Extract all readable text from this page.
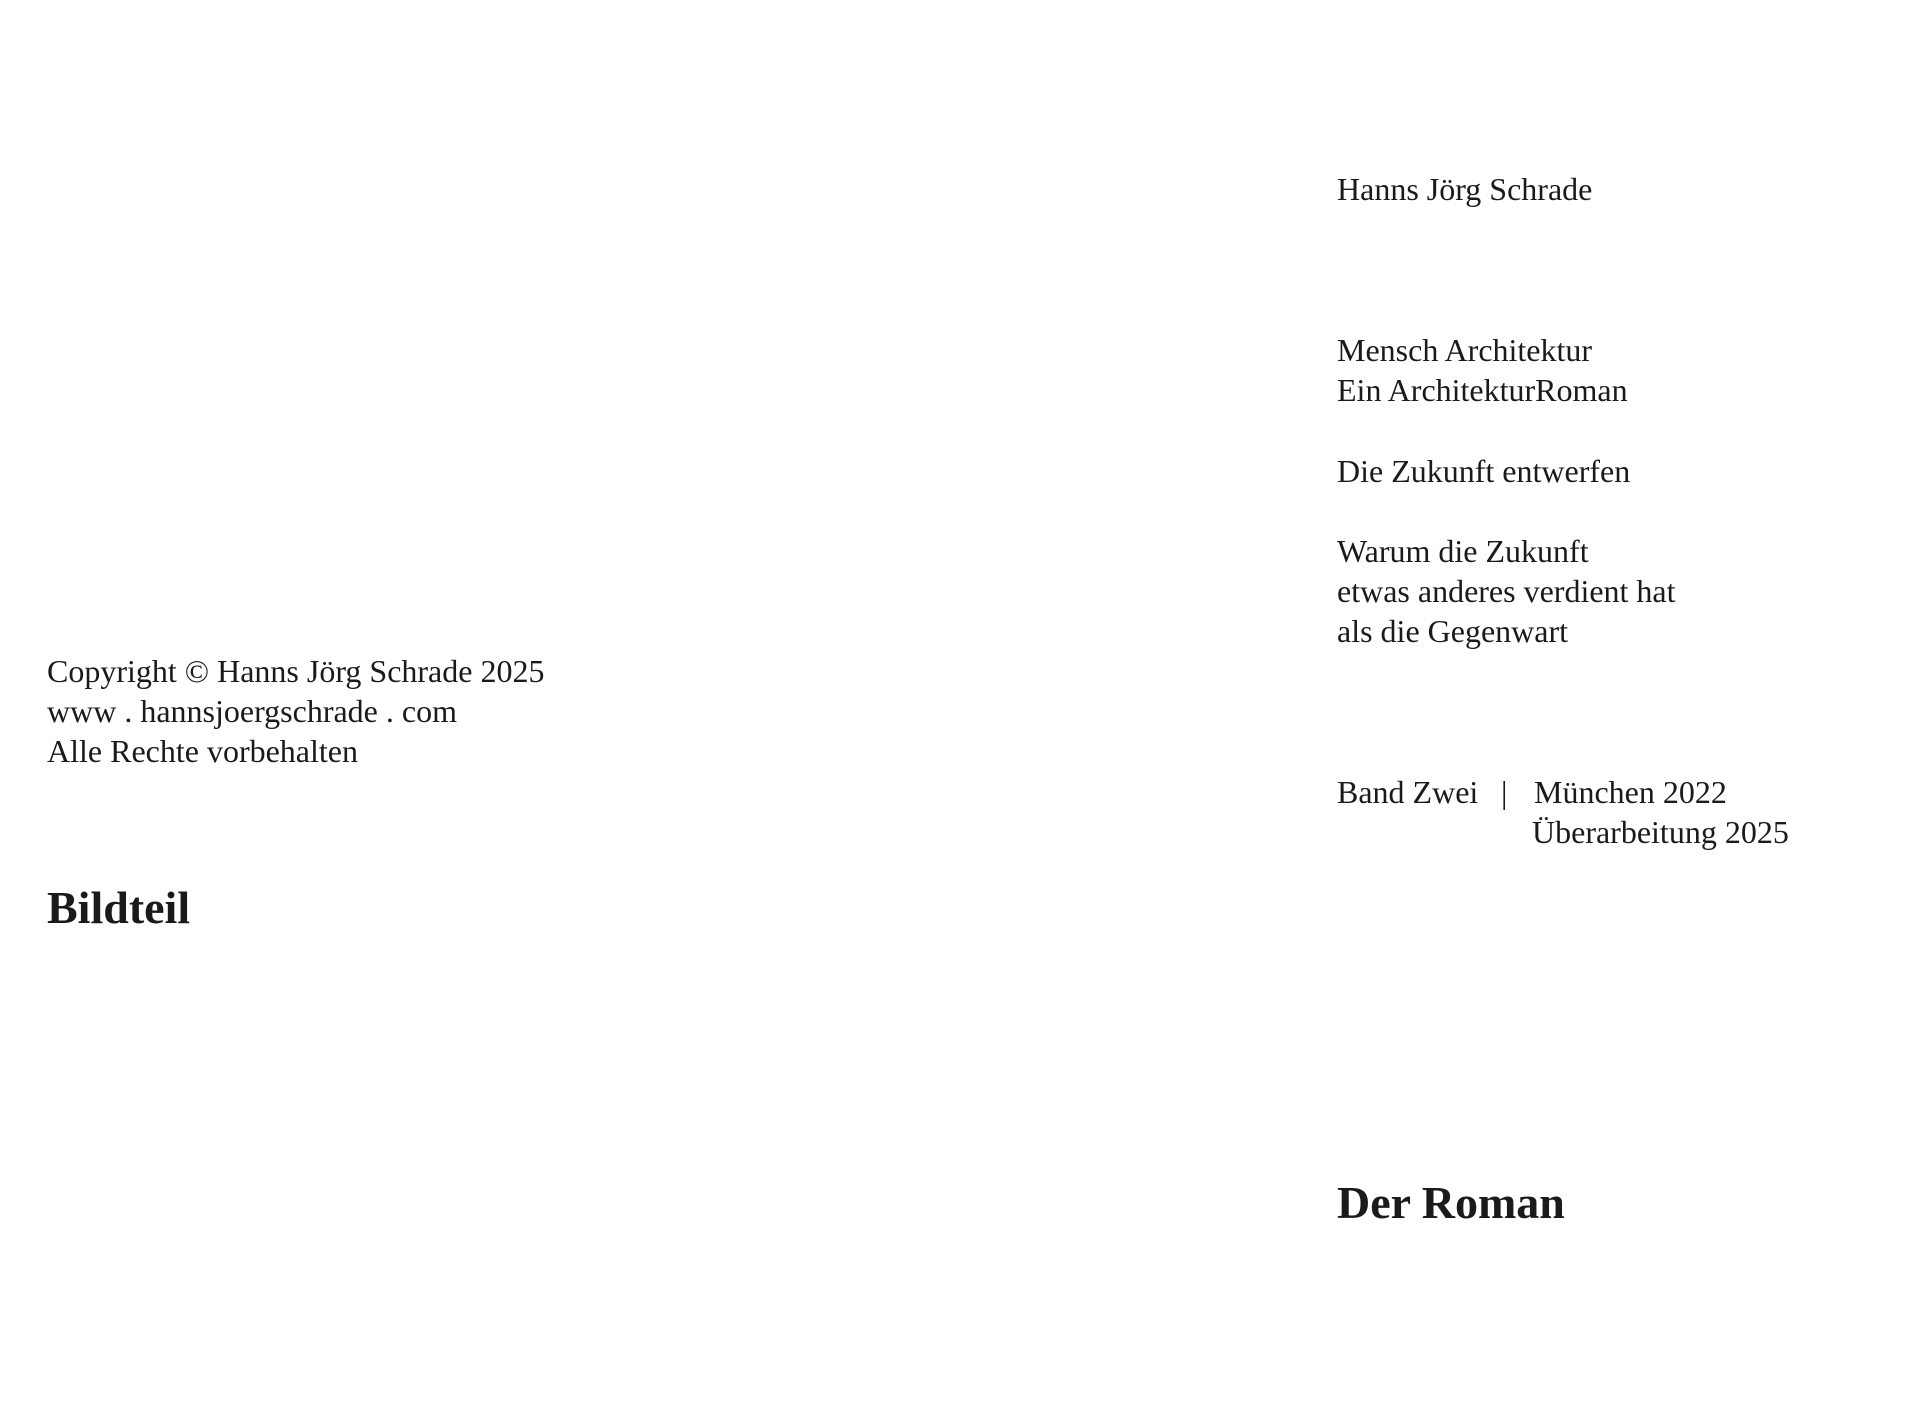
Copyright © Hanns Jörg Schrade 2025
www . hannsjoergschrade . com
Alle Rechte vorbehalten
Bildteil
Hanns Jörg Schrade
Mensch Architektur
Ein ArchitekturRoman
Die Zukunft entwerfen
Warum die Zukunft
etwas anderes verdient hat
als die Gegenwart
Band Zwei | München 2022
Überarbeitung 2025
Der Roman
